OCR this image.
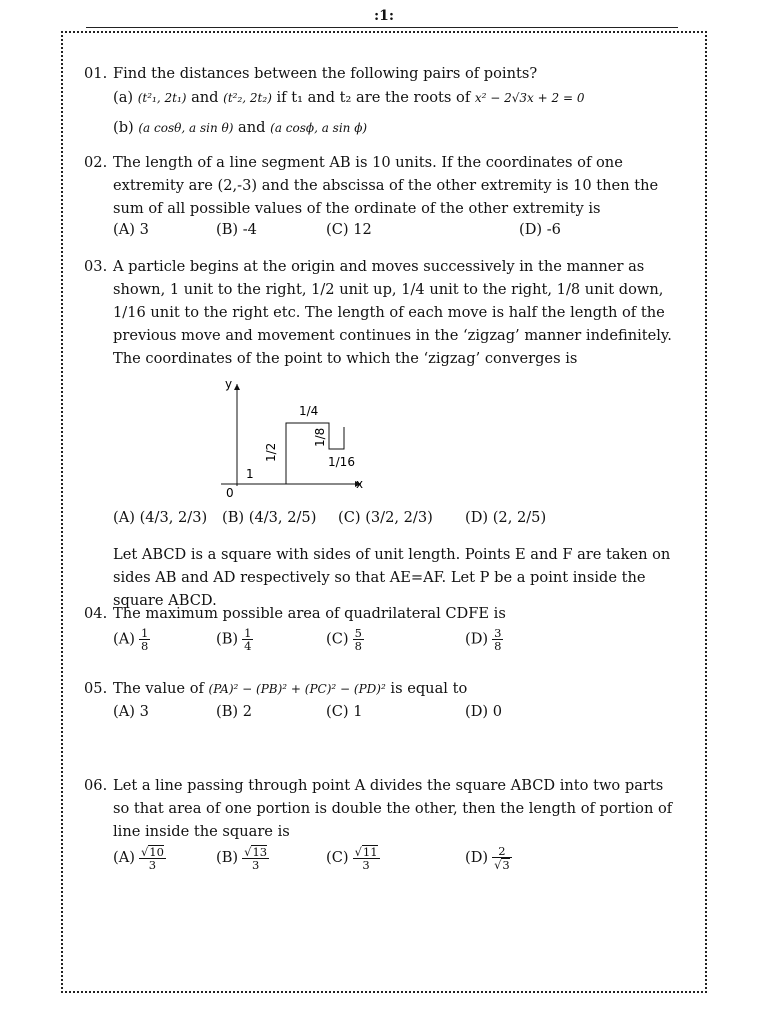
:1:
01. Find the distances between the following pairs of points?
(a) (t²₁, 2t₁) and (t²₂, 2t₂) if t₁ and t₂ are the roots of x² − 2√3x + 2 = 0
(b) (a cosθ, a sin θ) and (a cosϕ, a sin ϕ)
02. The length of a line segment AB is 10 units. If the coordinates of one extremity are (2,-3) and the abscissa of the other extremity is 10 then the sum of all possible values of the ordinate of the other extremity is
(A) 3	(B) -4	(C) 12	(D) -6
03. A particle begins at the origin and moves successively in the manner as shown, 1 unit to the right, 1/2 unit up, 1/4 unit to the right, 1/8 unit down, 1/16 unit to the right etc. The length of each move is half the length of the previous move and movement continues in the ‘zigzag’ manner indefinitely. The coordinates of the point to which the ‘zigzag’ converges is
y
x
0
1
1/2
1/4
1/8
1/16
(A) (4/3, 2/3) (B) (4/3, 2/5) (C) (3/2, 2/3) (D) (2, 2/5)
Let ABCD is a square with sides of unit length. Points E and F are taken on sides AB and AD respectively so that AE=AF. Let P be a point inside the square ABCD.
04. The maximum possible area of quadrilateral CDFE is
$(A) \frac{1}{8}$	$(B) \frac{1}{4}$	$(C) \frac{5}{8}$	$(D) \frac{3}{8}$
05. The value of (PA)² − (PB)² + (PC)² − (PD)² is equal to
(A) 3	(B) 2	(C) 1	(D) 0
06. Let a line passing through point A divides the square ABCD into two parts so that area of one portion is double the other, then the length of portion of line inside the square is
$(A) \frac{√10}{3}$	$(B) \frac{√13}{3}$	$(C) \frac{√11}{3}$	$(D) \frac{2}{√3}$
